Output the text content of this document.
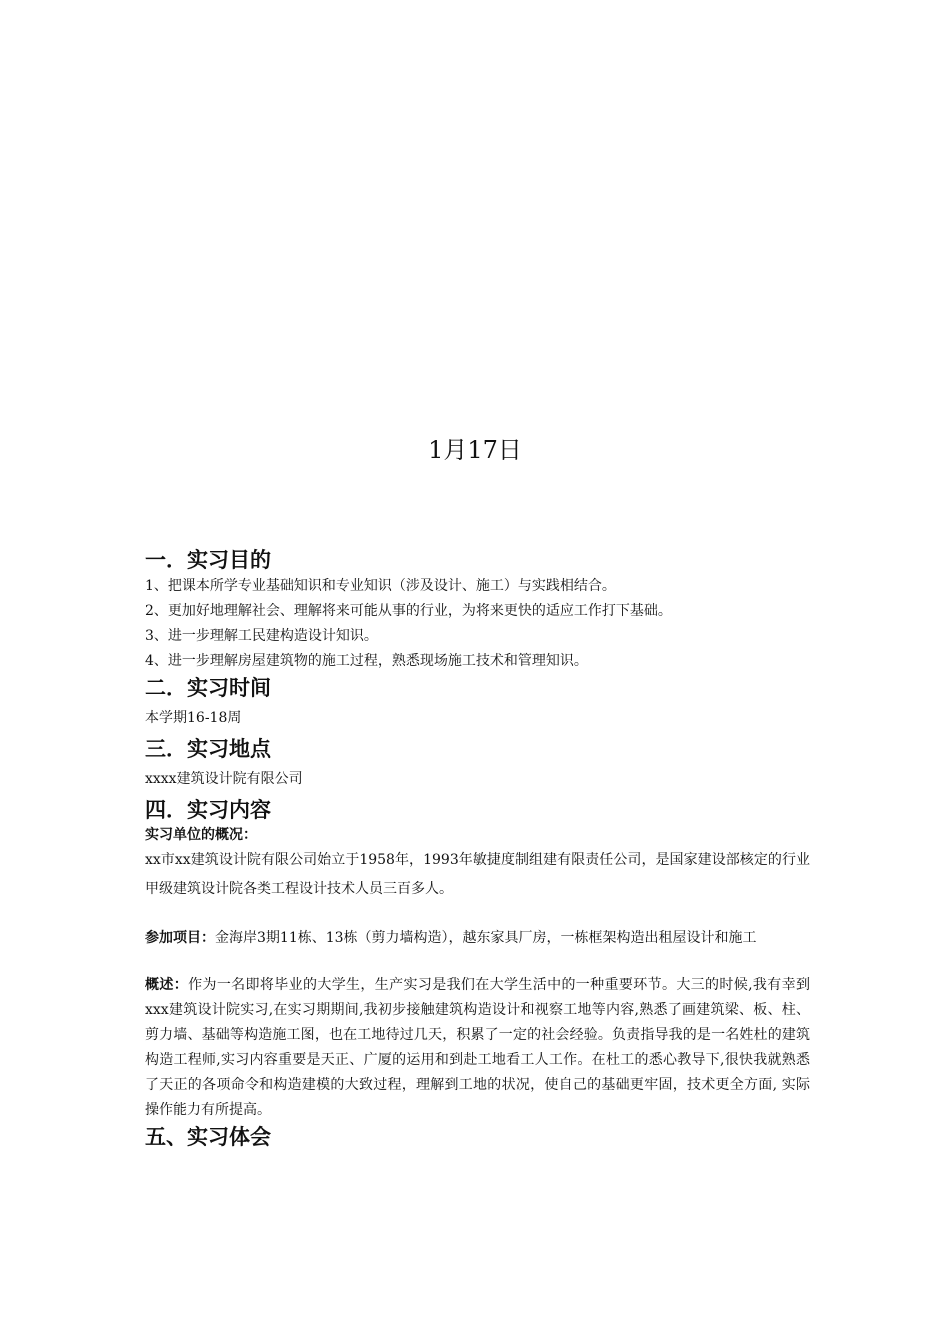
1月17日
一．实习目的
1、把课本所学专业基础知识和专业知识（涉及设计、施工）与实践相结合。
2、更加好地理解社会、理解将来可能从事的行业，为将来更快的适应工作打下基础。
3、进一步理解工民建构造设计知识。
4、进一步理解房屋建筑物的施工过程，熟悉现场施工技术和管理知识。
二．实习时间
本学期16-18周
三．实习地点
xxxx建筑设计院有限公司
四．实习内容
实习单位的概况：
xx市xx建筑设计院有限公司始立于1958年，1993年敏捷度制组建有限责任公司，是国家建设部核定的行业甲级建筑设计院各类工程设计技术人员三百多人。
参加项目：金海岸3期11栋、13栋（剪力墙构造），越东家具厂房，一栋框架构造出租屋设计和施工
概述：作为一名即将毕业的大学生，生产实习是我们在大学生活中的一种重要环节。大三的时候,我有幸到xxx建筑设计院实习,在实习期期间,我初步接触建筑构造设计和视察工地等内容,熟悉了画建筑梁、板、柱、剪力墙、基础等构造施工图，也在工地待过几天，积累了一定的社会经验。负责指导我的是一名姓杜的建筑构造工程师,实习内容重要是天正、广厦的运用和到赴工地看工人工作。在杜工的悉心教导下,很快我就熟悉了天正的各项命令和构造建模的大致过程，理解到工地的状况，使自己的基础更牢固，技术更全方面, 实际操作能力有所提高。
五、实习体会
